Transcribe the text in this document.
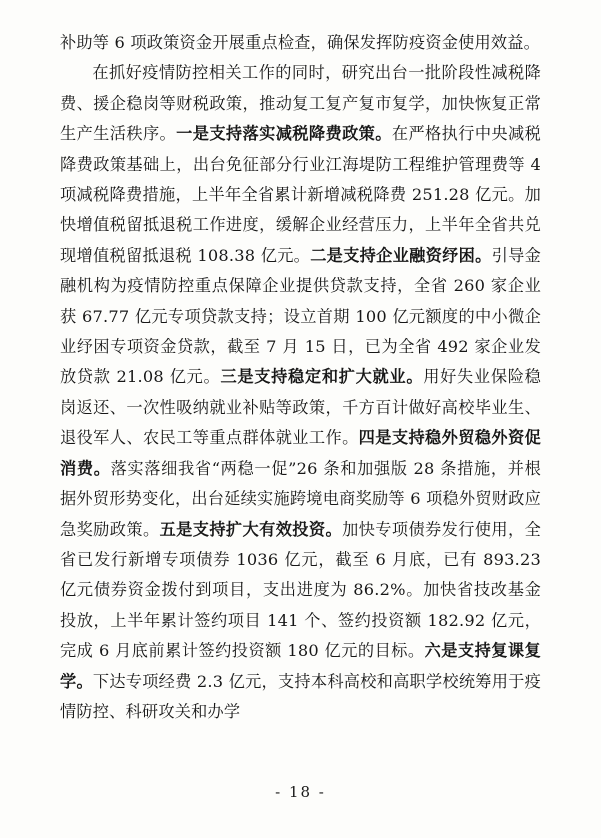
补助等 6 项政策资金开展重点检查，确保发挥防疫资金使用效益。

在抓好疫情防控相关工作的同时，研究出台一批阶段性减税降费、援企稳岗等财税政策，推动复工复产复市复学，加快恢复正常生产生活秩序。一是支持落实减税降费政策。在严格执行中央减税降费政策基础上，出台免征部分行业江海堤防工程维护管理费等 4 项减税降费措施，上半年全省累计新增减税降费 251.28 亿元。加快增值税留抵退税工作进度，缓解企业经营压力，上半年全省共兑现增值税留抵退税 108.38 亿元。二是支持企业融资纾困。引导金融机构为疫情防控重点保障企业提供贷款支持，全省 260 家企业获 67.77 亿元专项贷款支持；设立首期 100 亿元额度的中小微企业纾困专项资金贷款，截至 7 月 15 日，已为全省 492 家企业发放贷款 21.08 亿元。三是支持稳定和扩大就业。用好失业保险稳岗返还、一次性吸纳就业补贴等政策，千方百计做好高校毕业生、退役军人、农民工等重点群体就业工作。四是支持稳外贸稳外资促消费。落实落细我省“两稳一促”26 条和加强版 28 条措施，并根据外贸形势变化，出台延续实施跨境电商奖励等 6 项稳外贸财政应急奖励政策。五是支持扩大有效投资。加快专项债券发行使用，全省已发行新增专项债券 1036 亿元，截至 6 月底，已有 893.23 亿元债券资金拨付到项目，支出进度为 86.2%。加快省技改基金投放，上半年累计签约项目 141 个、签约投资额 182.92 亿元，完成 6 月底前累计签约投资额 180 亿元的目标。六是支持复课复学。下达专项经费 2.3 亿元，支持本科高校和高职学校统筹用于疫情防控、科研攻关和办学

- 18 -
